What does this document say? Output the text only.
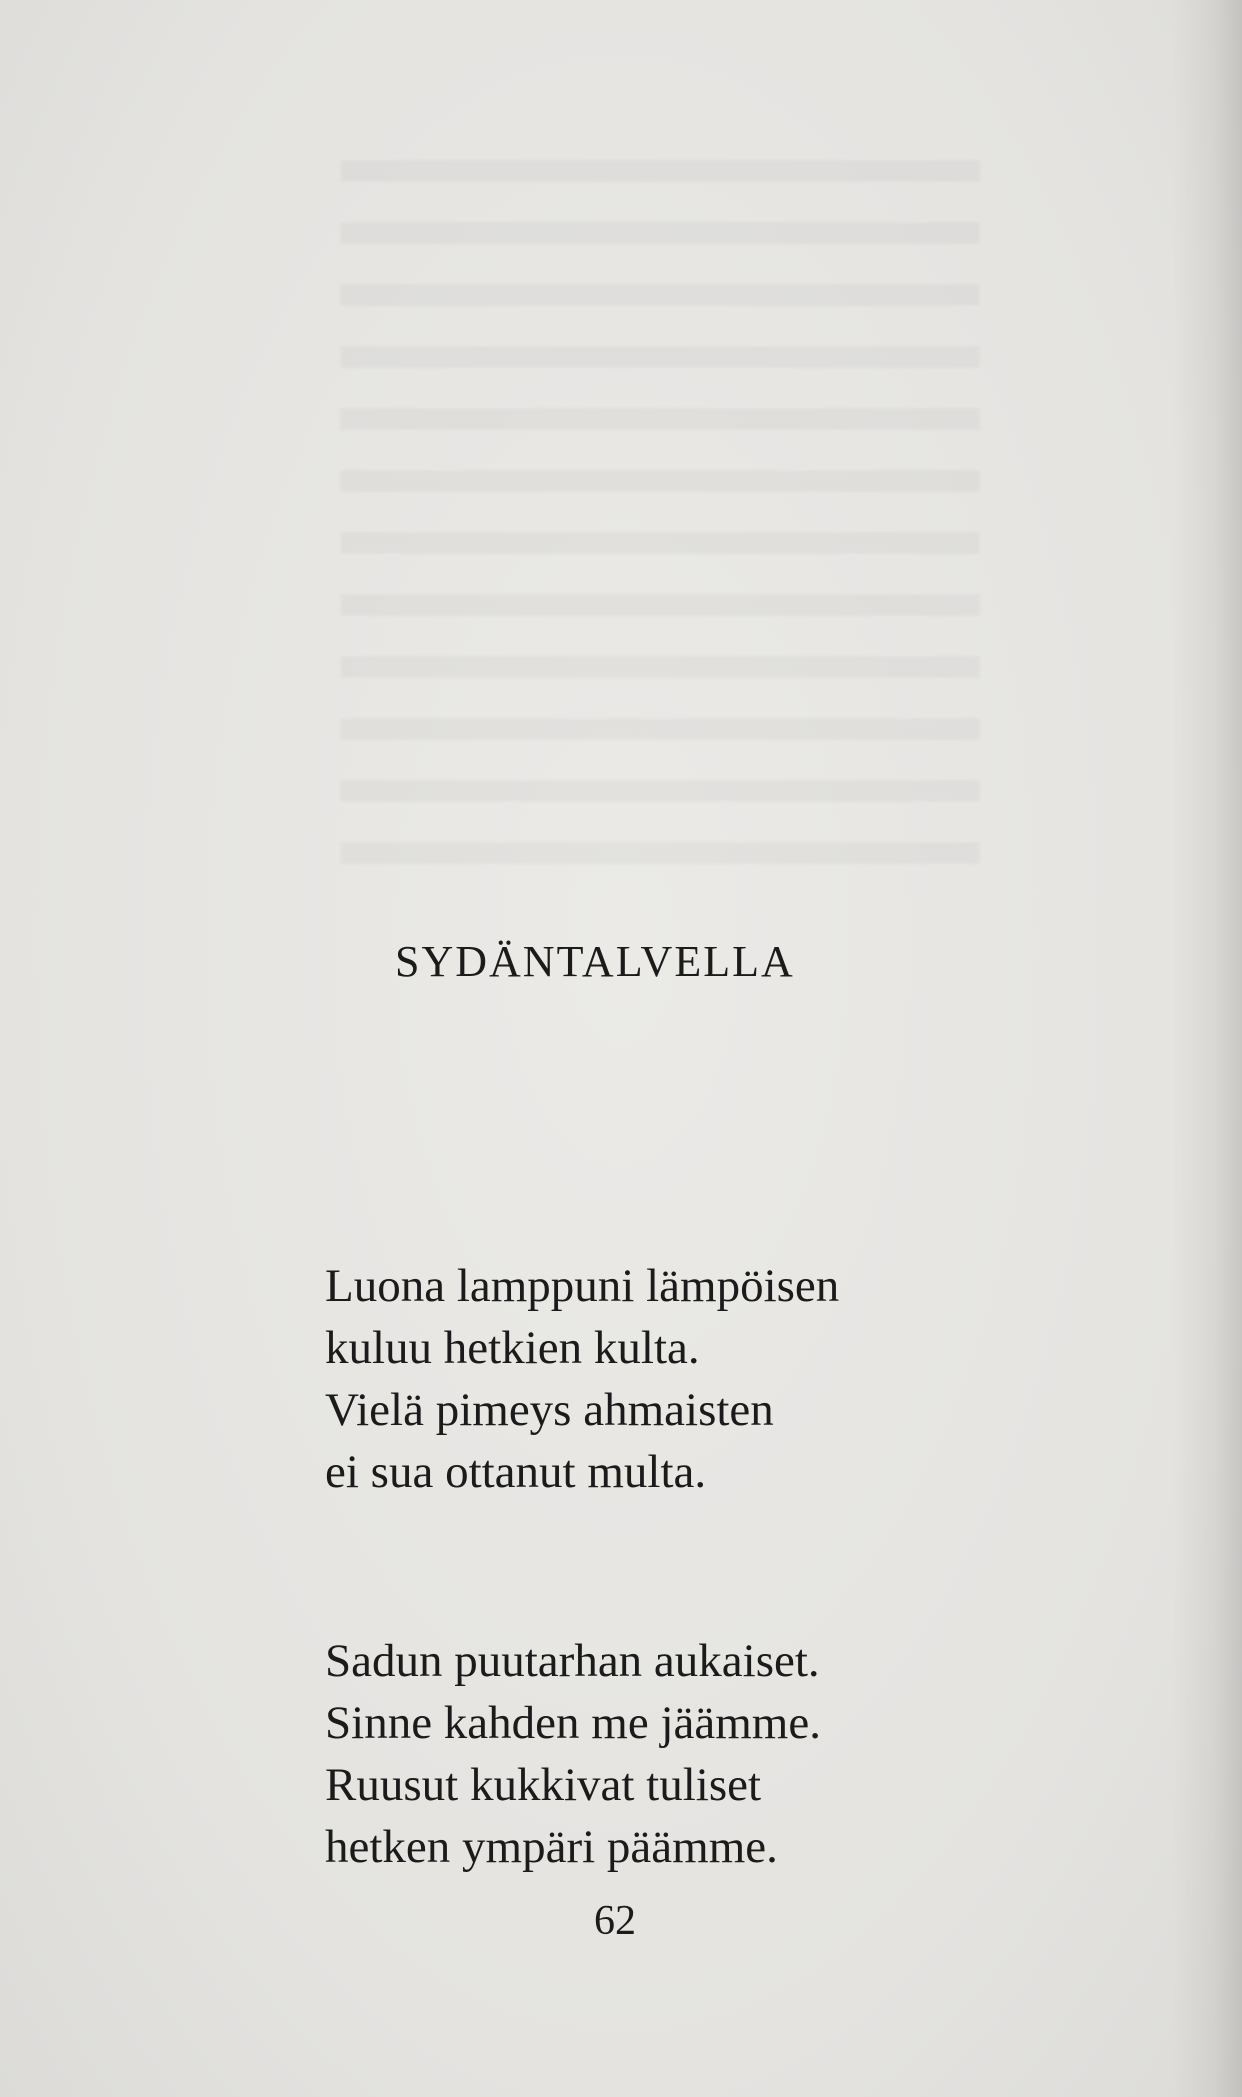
SYDÄNTALVELLA
Luona lamppuni lämpöisen
kuluu hetkien kulta.
Vielä pimeys ahmaisten
ei sua ottanut multa.
Sadun puutarhan aukaiset.
Sinne kahden me jäämme.
Ruusut kukkivat tuliset
hetken ympäri päämme.
62
